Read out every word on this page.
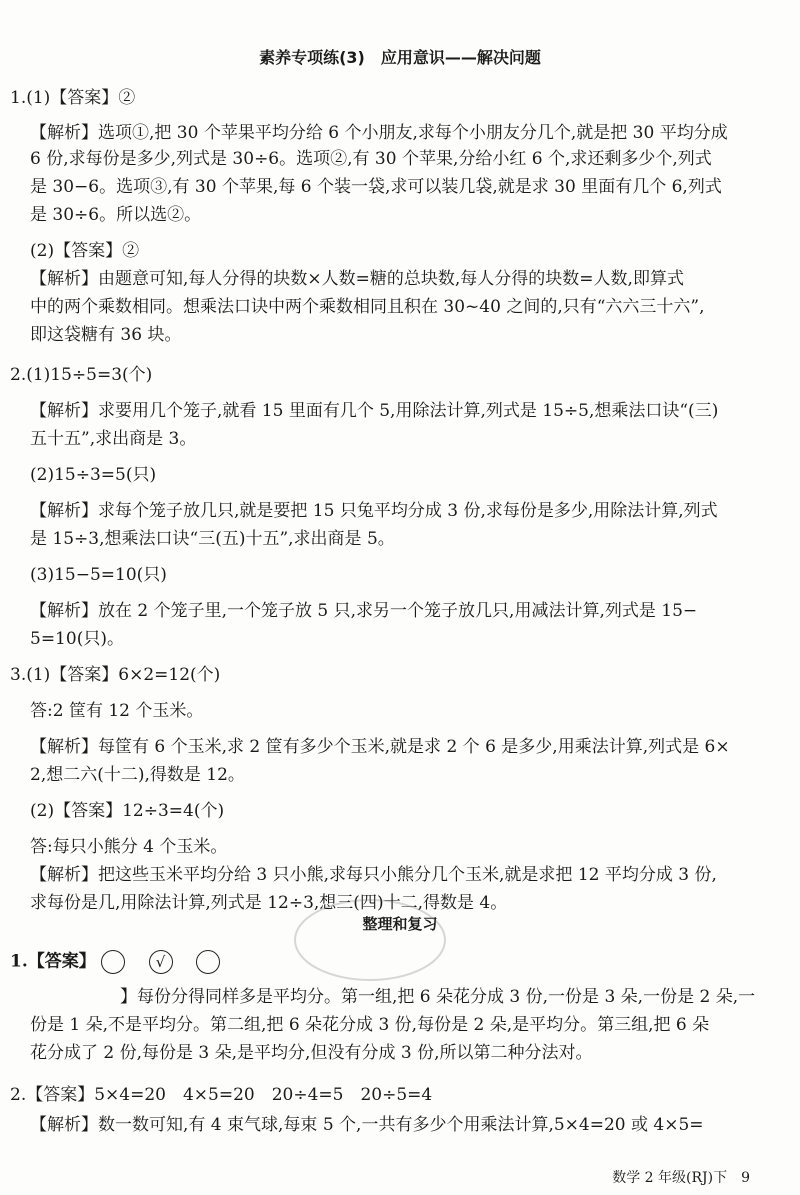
素养专项练(3)　应用意识——解决问题
1.(1)【答案】②
【解析】选项①,把 30 个苹果平均分给 6 个小朋友,求每个小朋友分几个,就是把 30 平均分成
6 份,求每份是多少,列式是 30÷6。选项②,有 30 个苹果,分给小红 6 个,求还剩多少个,列式
是 30−6。选项③,有 30 个苹果,每 6 个装一袋,求可以装几袋,就是求 30 里面有几个 6,列式
是 30÷6。所以选②。
(2)【答案】②
【解析】由题意可知,每人分得的块数×人数=糖的总块数,每人分得的块数=人数,即算式
中的两个乘数相同。想乘法口诀中两个乘数相同且积在 30~40 之间的,只有“六六三十六”,
即这袋糖有 36 块。
2.(1)15÷5=3(个)
【解析】求要用几个笼子,就看 15 里面有几个 5,用除法计算,列式是 15÷5,想乘法口诀“(三)
五十五”,求出商是 3。
(2)15÷3=5(只)
【解析】求每个笼子放几只,就是要把 15 只兔平均分成 3 份,求每份是多少,用除法计算,列式
是 15÷3,想乘法口诀“三(五)十五”,求出商是 5。
(3)15−5=10(只)
【解析】放在 2 个笼子里,一个笼子放 5 只,求另一个笼子放几只,用减法计算,列式是 15−
5=10(只)。
3.(1)【答案】6×2=12(个)
答:2 筐有 12 个玉米。
【解析】每筐有 6 个玉米,求 2 筐有多少个玉米,就是求 2 个 6 是多少,用乘法计算,列式是 6×
2,想二六(十二),得数是 12。
(2)【答案】12÷3=4(个)
答:每只小熊分 4 个玉米。
【解析】把这些玉米平均分给 3 只小熊,求每只小熊分几个玉米,就是求把 12 平均分成 3 份,
求每份是几,用除法计算,列式是 12÷3,想三(四)十二,得数是 4。
整理和复习
1.【答案】	√
】每份分得同样多是平均分。第一组,把 6 朵花分成 3 份,一份是 3 朵,一份是 2 朵,一
份是 1 朵,不是平均分。第二组,把 6 朵花分成 3 份,每份是 2 朵,是平均分。第三组,把 6 朵
花分成了 2 份,每份是 3 朵,是平均分,但没有分成 3 份,所以第二种分法对。
2.【答案】5×4=20　4×5=20　20÷4=5　20÷5=4
【解析】数一数可知,有 4 束气球,每束 5 个,一共有多少个用乘法计算,5×4=20 或 4×5=
数学 2 年级(RJ)下　9
